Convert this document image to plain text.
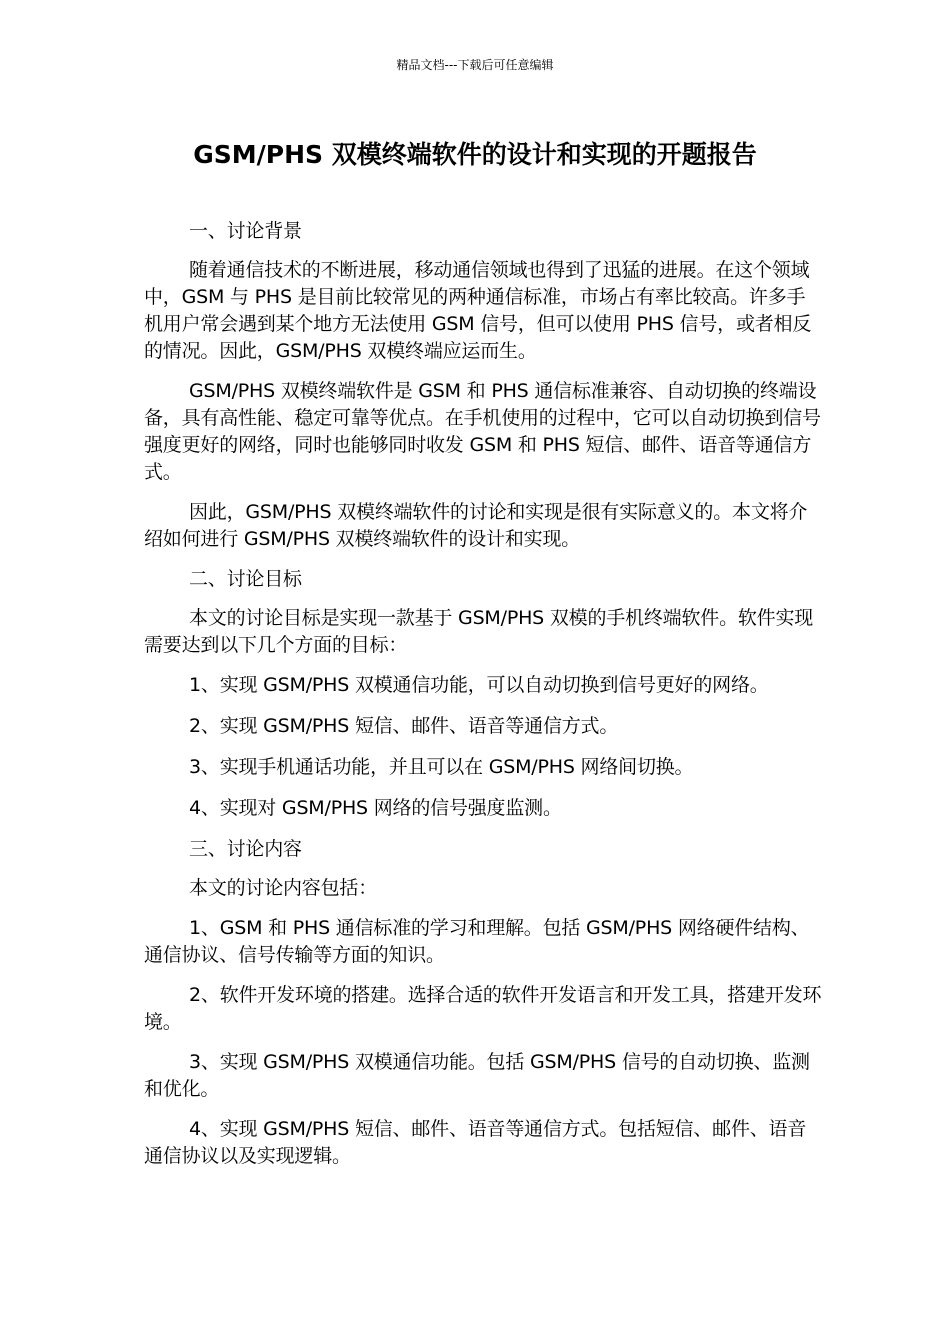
精品文档---下载后可任意编辑
GSM/PHS 双模终端软件的设计和实现的开题报告

一、讨论背景

随着通信技术的不断进展，移动通信领域也得到了迅猛的进展。在这个领域中，GSM 与 PHS 是目前比较常见的两种通信标准，市场占有率比较高。许多手机用户常会遇到某个地方无法使用 GSM 信号，但可以使用 PHS 信号，或者相反的情况。因此，GSM/PHS 双模终端应运而生。

GSM/PHS 双模终端软件是 GSM 和 PHS 通信标准兼容、自动切换的终端设备，具有高性能、稳定可靠等优点。在手机使用的过程中，它可以自动切换到信号强度更好的网络，同时也能够同时收发 GSM 和 PHS 短信、邮件、语音等通信方式。

因此，GSM/PHS 双模终端软件的讨论和实现是很有实际意义的。本文将介绍如何进行 GSM/PHS 双模终端软件的设计和实现。

二、讨论目标

本文的讨论目标是实现一款基于 GSM/PHS 双模的手机终端软件。软件实现需要达到以下几个方面的目标：

1、实现 GSM/PHS 双模通信功能，可以自动切换到信号更好的网络。

2、实现 GSM/PHS 短信、邮件、语音等通信方式。

3、实现手机通话功能，并且可以在 GSM/PHS 网络间切换。

4、实现对 GSM/PHS 网络的信号强度监测。

三、讨论内容

本文的讨论内容包括：

1、GSM 和 PHS 通信标准的学习和理解。包括 GSM/PHS 网络硬件结构、通信协议、信号传输等方面的知识。

2、软件开发环境的搭建。选择合适的软件开发语言和开发工具，搭建开发环境。

3、实现 GSM/PHS 双模通信功能。包括 GSM/PHS 信号的自动切换、监测和优化。

4、实现 GSM/PHS 短信、邮件、语音等通信方式。包括短信、邮件、语音通信协议以及实现逻辑。
